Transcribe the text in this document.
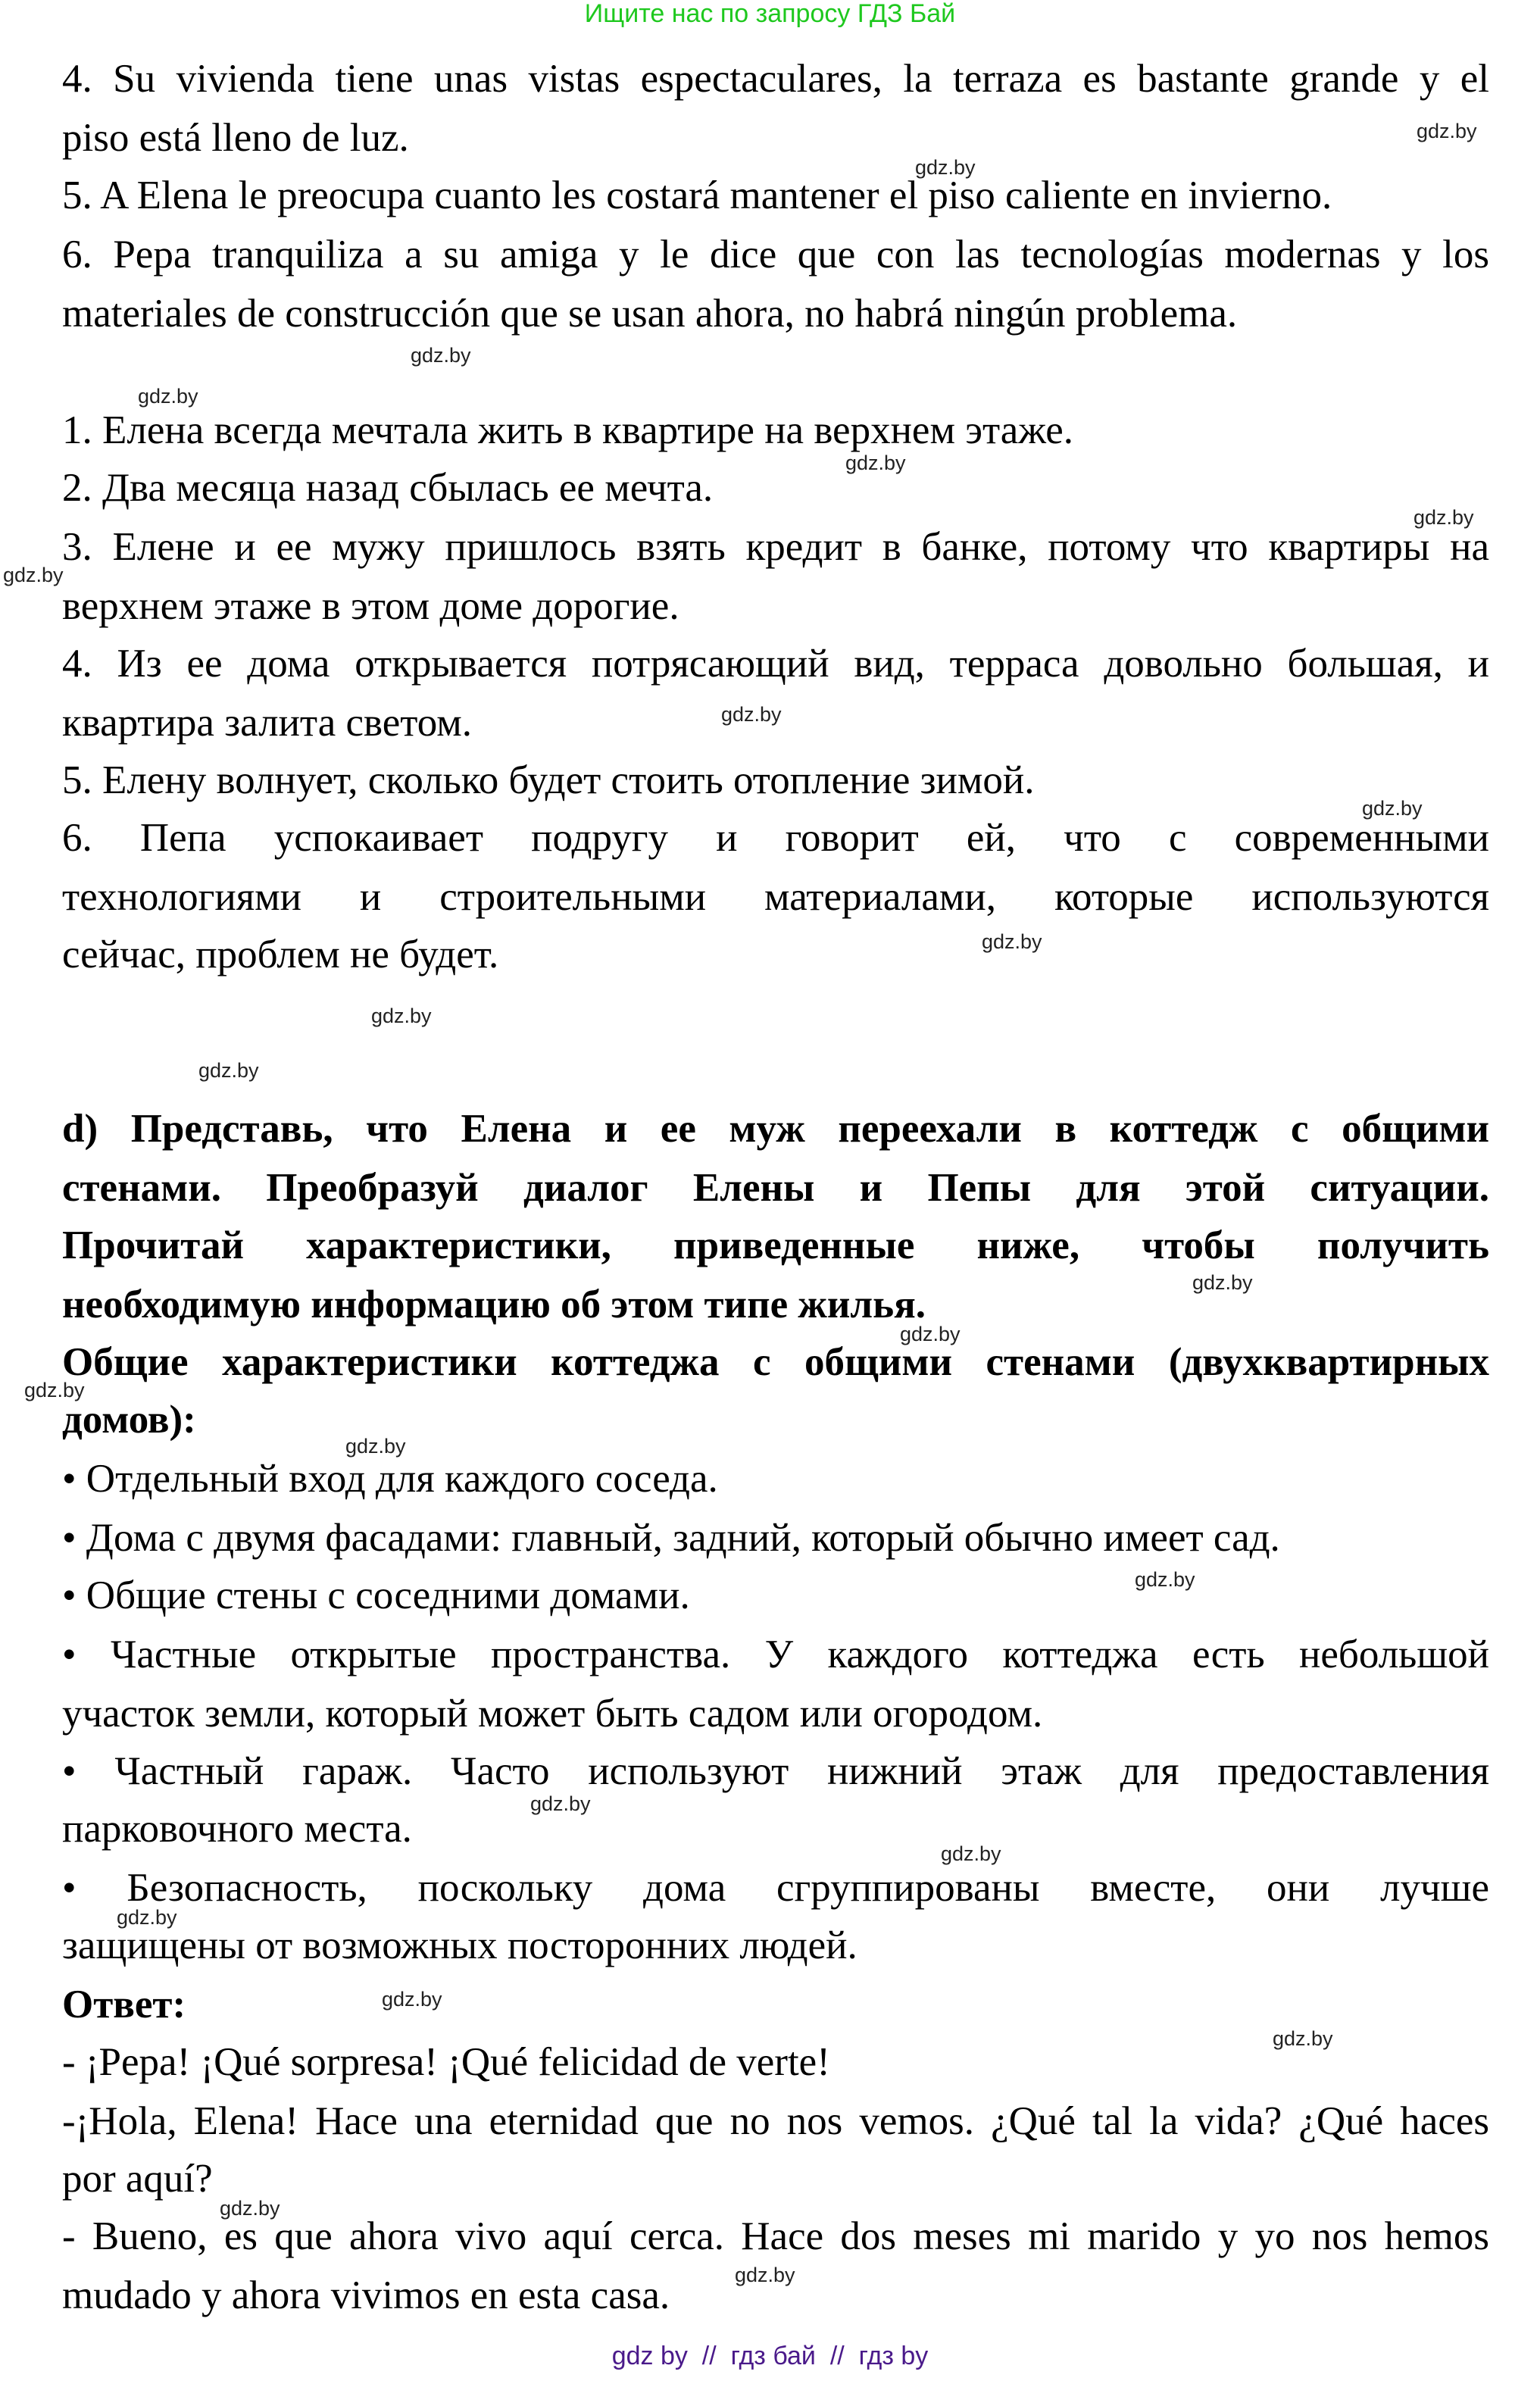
Ищите нас по запросу ГДЗ Бай
4. Su vivienda tiene unas vistas espectaculares, la terraza es bastante grande y el
piso está lleno de luz.
5. A Elena le preocupa cuanto les costará mantener el piso caliente en invierno.
6. Pepa tranquiliza a su amiga y le dice que con las tecnologías modernas y los
materiales de construcción que se usan ahora, no habrá ningún problema.
1. Елена всегда мечтала жить в квартире на верхнем этаже.
2. Два месяца назад сбылась ее мечта.
3. Елене и ее мужу пришлось взять кредит в банке, потому что квартиры на
верхнем этаже в этом доме дорогие.
4. Из ее дома открывается потрясающий вид, терраса довольно большая, и
квартира залита светом.
5. Елену волнует, сколько будет стоить отопление зимой.
6. Пепа успокаивает подругу и говорит ей, что с современными
технологиями и строительными материалами, которые используются
сейчас, проблем не будет.
d) Представь, что Елена и ее муж переехали в коттедж с общими
стенами. Преобразуй диалог Елены и Пепы для этой ситуации.
Прочитай характеристики, приведенные ниже, чтобы получить
необходимую информацию об этом типе жилья.
Общие характеристики коттеджа с общими стенами (двухквартирных
домов):
• Отдельный вход для каждого соседа.
• Дома с двумя фасадами: главный, задний, который обычно имеет сад.
• Общие стены с соседними домами.
• Частные открытые пространства. У каждого коттеджа есть небольшой
участок земли, который может быть садом или огородом.
• Частный гараж. Часто используют нижний этаж для предоставления
парковочного места.
• Безопасность, поскольку дома сгруппированы вместе, они лучше
защищены от возможных посторонних людей.
Ответ:
- ¡Pepa! ¡Qué sorpresa! ¡Qué felicidad de verte!
-¡Hola, Elena! Hace una eternidad que no nos vemos. ¿Qué tal la vida? ¿Qué haces
por aquí?
- Bueno, es que ahora vivo aquí cerca. Hace dos meses mi marido y yo nos hemos
mudado y ahora vivimos en esta casa.
gdz.by
gdz.by
gdz.by
gdz.by
gdz.by
gdz.by
gdz.by
gdz.by
gdz.by
gdz.by
gdz.by
gdz.by
gdz.by
gdz.by
gdz.by
gdz.by
gdz.by
gdz.by
gdz.by
gdz.by
gdz.by
gdz.by
gdz.by
gdz.by
gdz by  //  гдз бай  //  гдз by
